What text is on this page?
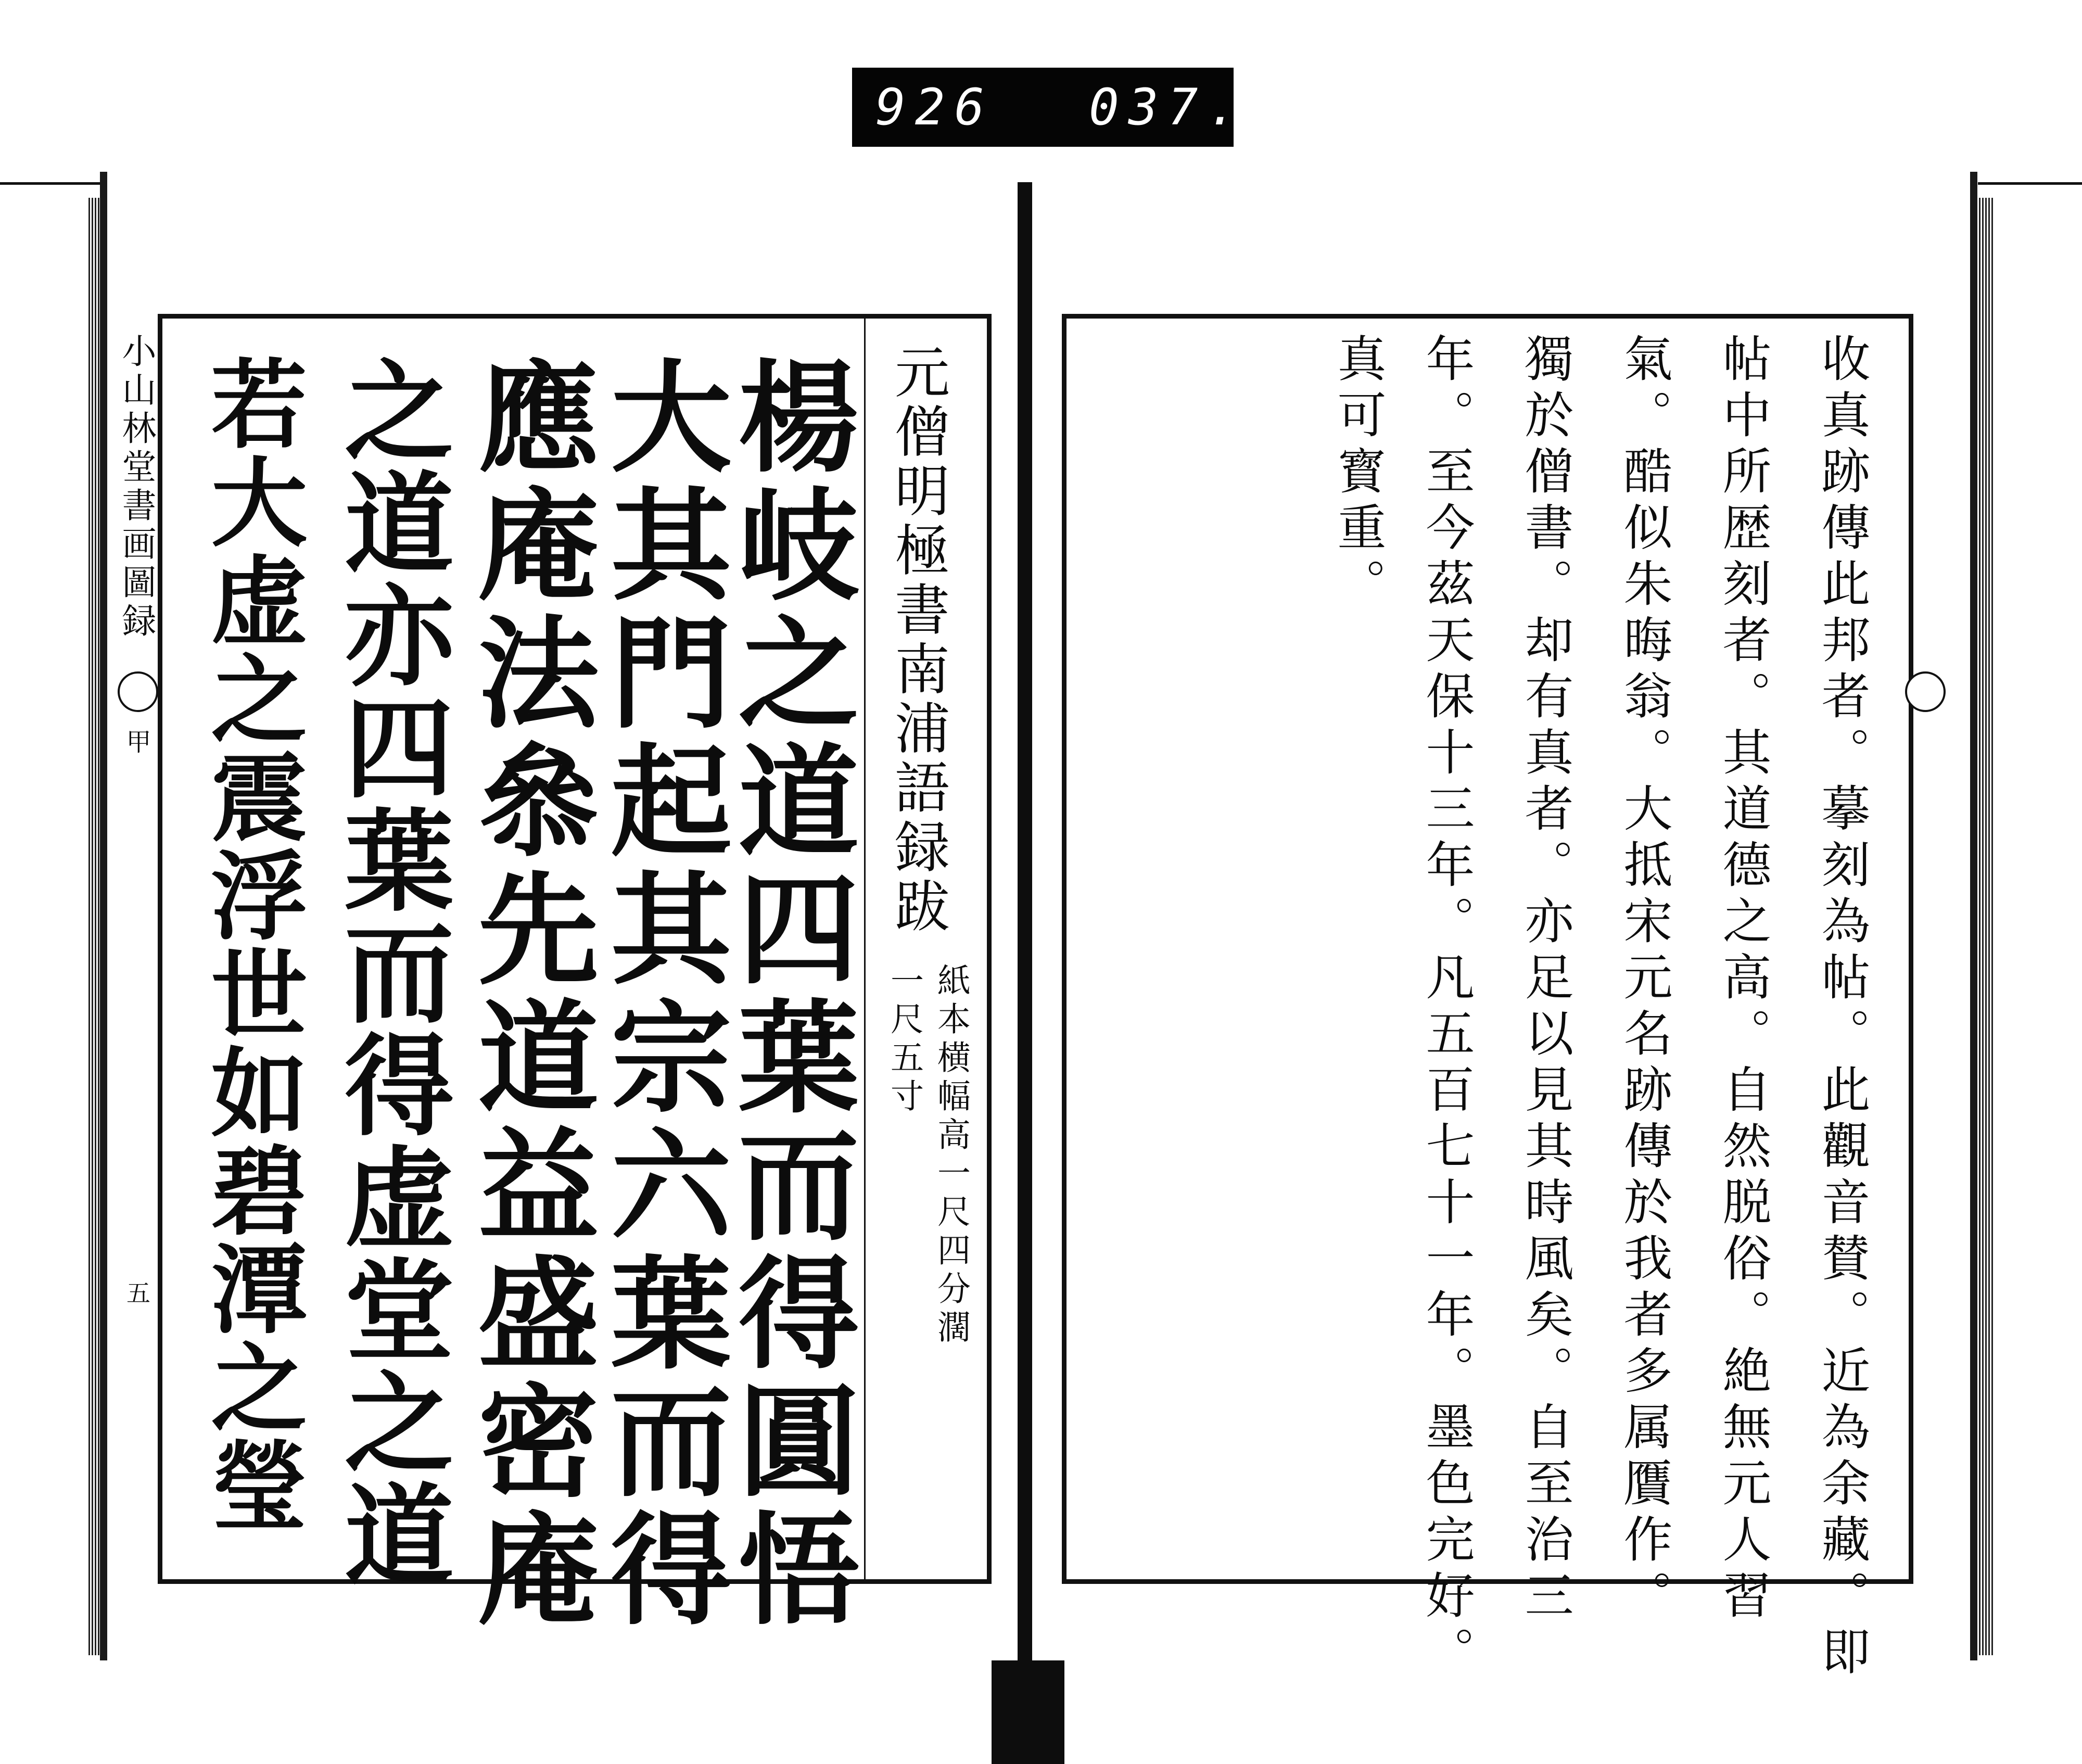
926 037.
小山林堂書画圖録
甲
五
元僧明極書南浦語録跋
紙本横幅高一尺四分濶
一尺五寸
楊岐之道四葉而得圓悟
大其門起其宗六葉而得
應庵法叅先道益盛密庵
之道亦四葉而得虚堂之道
若大虚之震浮世如碧潭之瑩	收真跡傳此邦者。摹刻為帖。此觀音賛。近為余藏。即
帖中所歴刻者。其道德之高。自然脱俗。絶無元人習
氣。酷似朱晦翁。大抵宋元名跡傳於我者多属贋作。
獨於僧書。却有真者。亦足以見其時風矣。自至治三
年。至今茲天保十三年。凡五百七十一年。墨色完好。
真可寳重。
